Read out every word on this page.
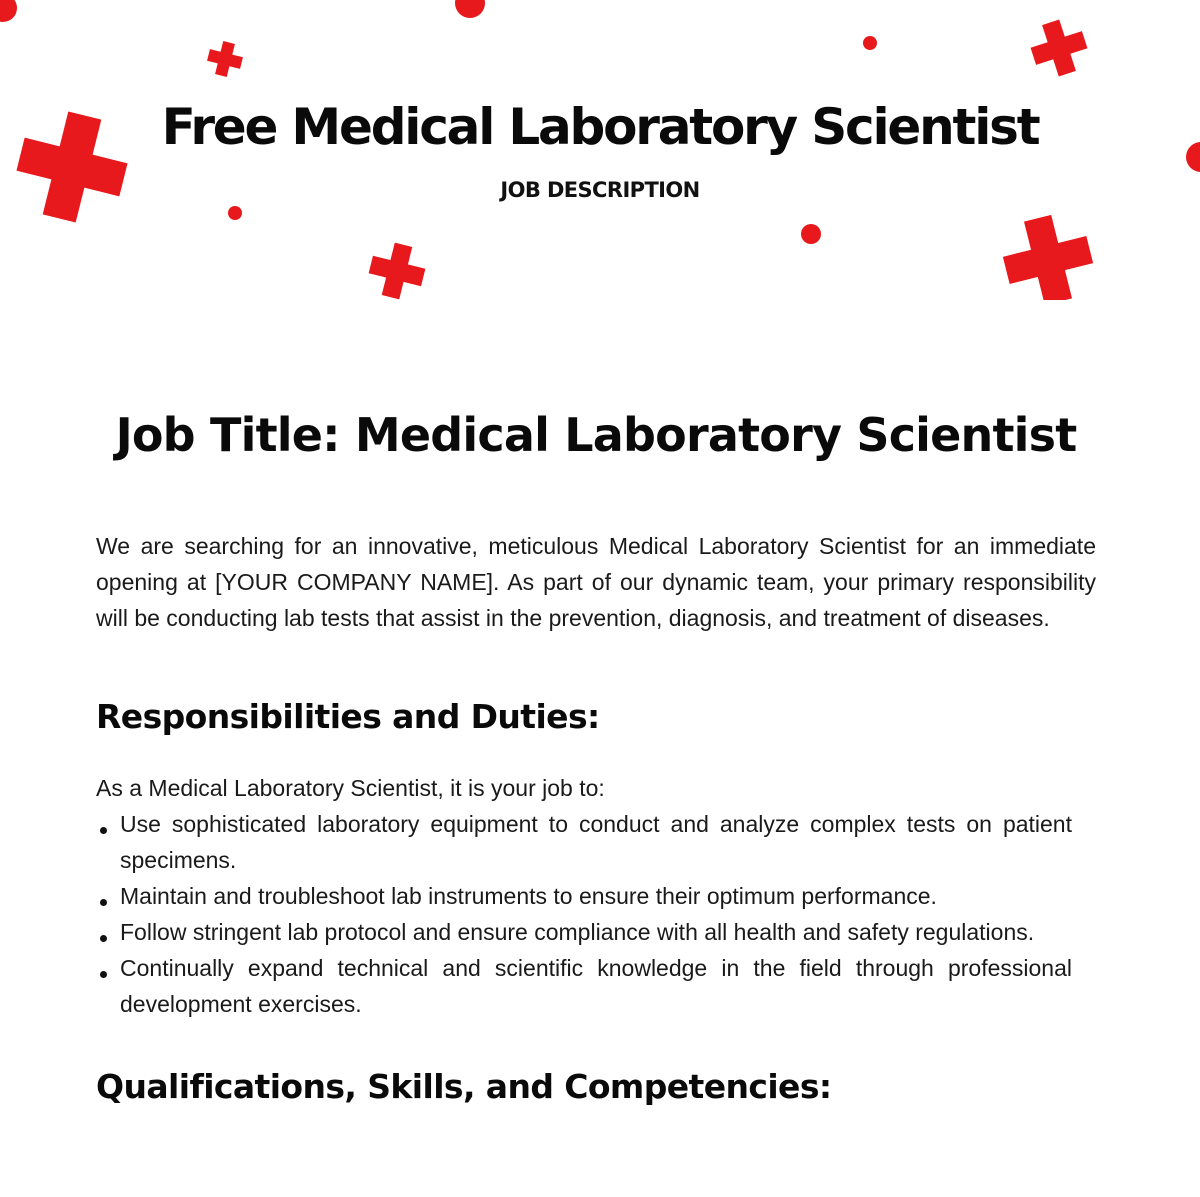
Free Medical Laboratory Scientist
JOB DESCRIPTION
Job Title: Medical Laboratory Scientist

We are searching for an innovative, meticulous Medical Laboratory Scientist for an immediate opening at [YOUR COMPANY NAME]. As part of our dynamic team, your primary responsibility will be conducting lab tests that assist in the prevention, diagnosis, and treatment of diseases.

Responsibilities and Duties:

As a Medical Laboratory Scientist, it is your job to:

Use sophisticated laboratory equipment to conduct and analyze complex tests on patient specimens.
Maintain and troubleshoot lab instruments to ensure their optimum performance.
Follow stringent lab protocol and ensure compliance with all health and safety regulations.
Continually expand technical and scientific knowledge in the field through professional development exercises.
Qualifications, Skills, and Competencies:
